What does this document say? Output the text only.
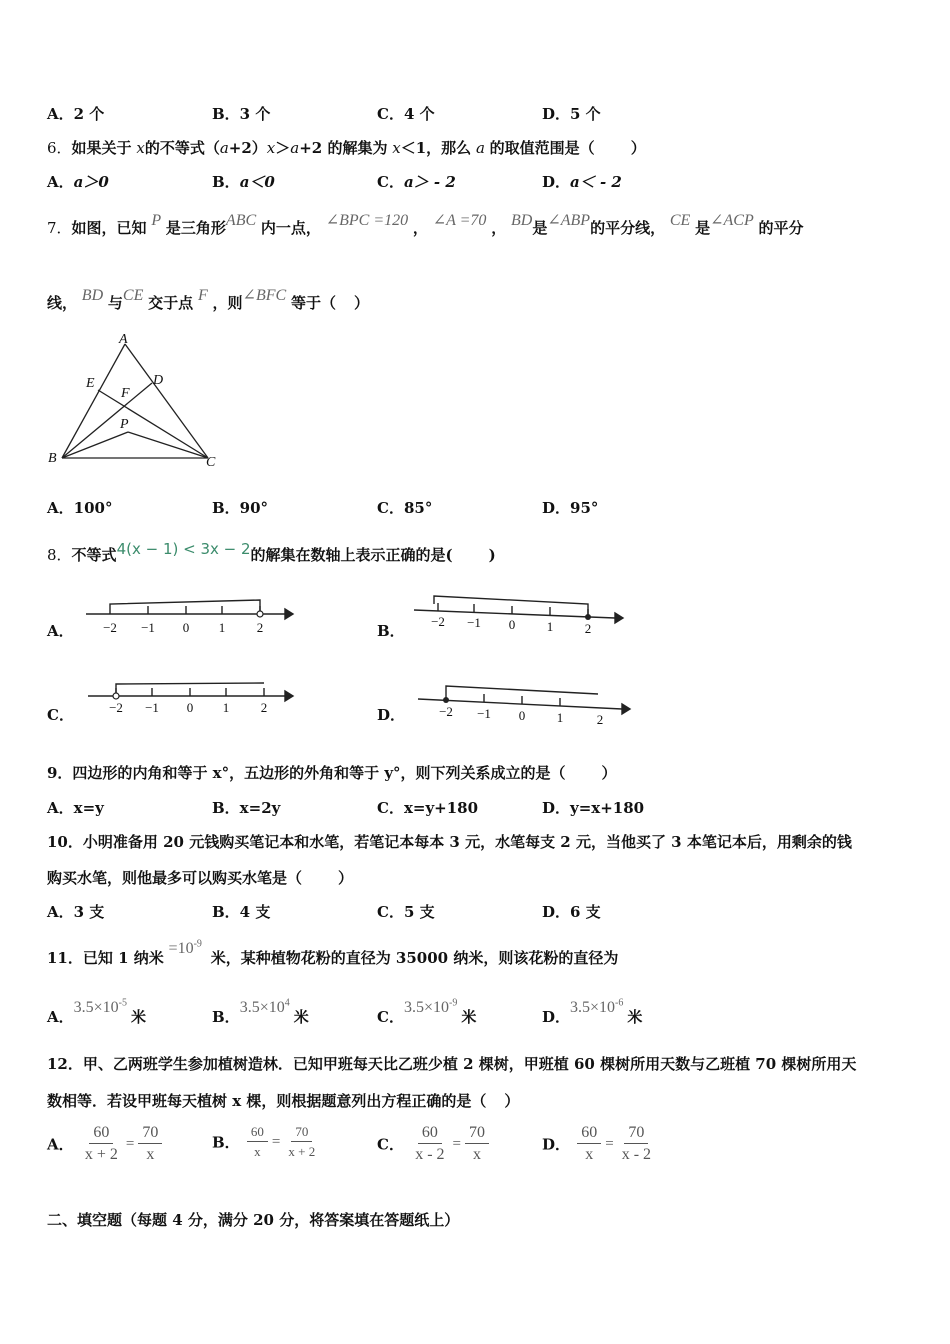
A．2 个	B．3 个	C．4 个	D．5 个
6．如果关于 x的不等式（a+2）x＞a+2 的解集为 x＜1，那么 a 的取值范围是（ ）
A．a＞0	B．a＜0	C．a＞ - 2	D．a＜ - 2
7．如图，已知 P 是三角形ABC 内一点， ∠BPC =120 ， ∠A =70 ， BD是∠ABP的平分线， CE 是∠ACP 的平分
线， BD 与CE 交于点 F ，则∠BFC 等于（ ）
A
B	C
D
E
F
P
A．100°	B．90°	C．85°	D．95°
8．不等式4(x − 1) < 3x − 2的解集在数轴上表示正确的是( )
A．	B．
C．	D．
−2 −1 0 1 2	−2 −1 0 1 2
−2 −1 0 1 2	−2 −1 0 1	2
9．四边形的内角和等于 x°，五边形的外角和等于 y°，则下列关系成立的是（ ）
A．x=y	B．x=2y	C．x=y+180	D．y=x+180
10．小明准备用 20 元钱购买笔记本和水笔，若笔记本每本 3 元，水笔每支 2 元，当他买了 3 本笔记本后，用剩余的钱
购买水笔，则他最多可以购买水笔是（ ）
A．3 支	B．4 支	C．5 支	D．6 支
11．已知 1 纳米 $=10^{-9}$ 米，某种植物花粉的直径为 35000 纳米，则该花粉的直径为
A．$3.5\times 10^{-5}$米	B．$3.5\times 10^4$米	C．$3.5\times 10^{-9}$米	D．$3.5\times 10^{-6}$米
12．甲、乙两班学生参加植树造林．已知甲班每天比乙班少植 2 棵树，甲班植 60 棵树所用天数与乙班植 70 棵树所用天
数相等．若设甲班每天植树 x 棵，则根据题意列出方程正确的是（ ）
A． $\frac{60}{x + 2} = \frac{70}{x}$	B． $\frac{60}{x} = \frac{70}{x + 2}$	C． $\frac{60}{x - 2} = \frac{70}{x}$	D． $\frac{60}{x} = \frac{70}{x - 2}$
二、填空题（每题 4 分，满分 20 分，将答案填在答题纸上）
